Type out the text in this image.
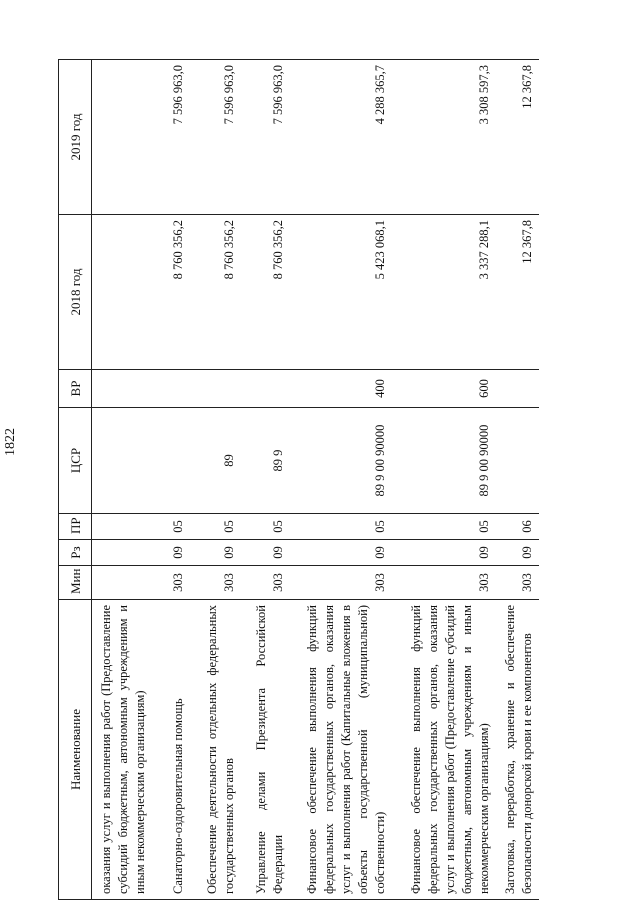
1822
Наименование	Мин	Рз	ПР	ЦСР	ВР	2018 год	2019 год
оказания услуг и выполнения работ (Предоставление субсидий бюджетным, автономным учреждениям и иным некоммерческим организациям)							
Санаторно-оздоровительная помощь	303	09	05			8 760 356,2	7 596 963,0
Обеспечение деятельности отдельных федеральных государственных органов	303	09	05	89		8 760 356,2	7 596 963,0
Управление делами Президента Российской Федерации	303	09	05	89 9		8 760 356,2	7 596 963,0
Финансовое обеспечение выполнения функций федеральных государственных органов, оказания услуг и выполнения работ (Капитальные вложения в объекты государственной (муниципальной) собственности)	303	09	05	89 9 00 90000	400	5 423 068,1	4 288 365,7
Финансовое обеспечение выполнения функций федеральных государственных органов, оказания услуг и выполнения работ (Предоставление субсидий бюджетным, автономным учреждениям и иным некоммерческим организациям)	303	09	05	89 9 00 90000	600	3 337 288,1	3 308 597,3
Заготовка, переработка, хранение и обеспечение безопасности донорской крови и ее компонентов	303	09	06			12 367,8	12 367,8
